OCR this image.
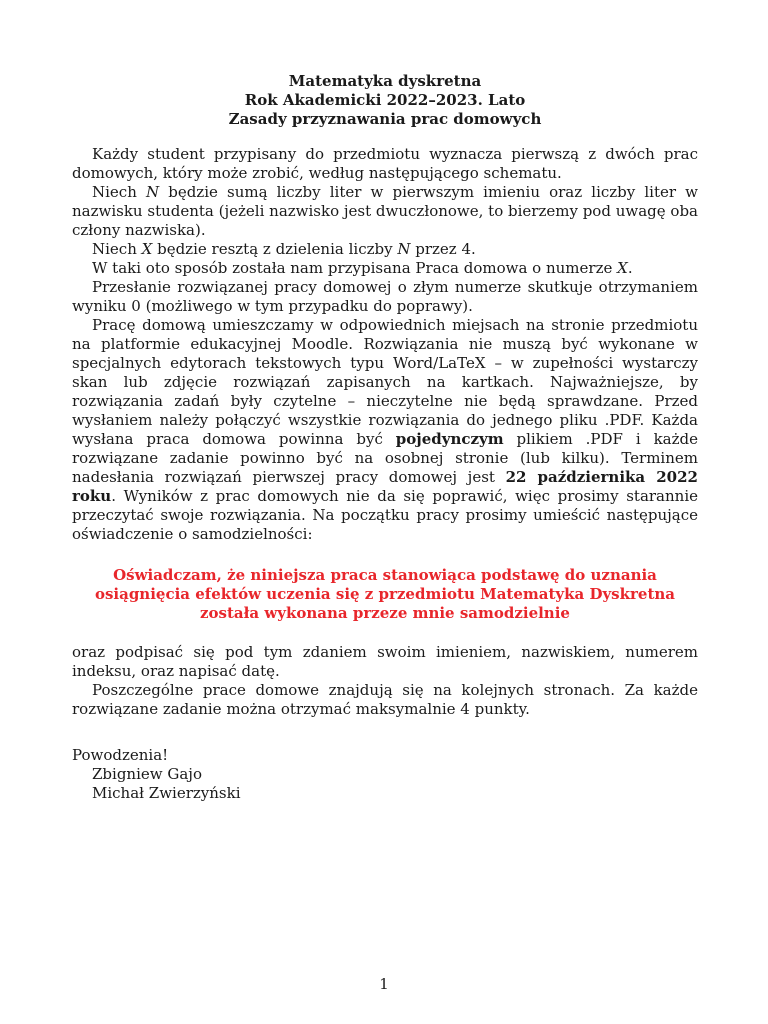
Matematyka dyskretna
Rok Akademicki 2022–2023. Lato
Zasady przyznawania prac domowych

Każdy student przypisany do przedmiotu wyznacza pierwszą z dwóch prac domowych, który może zrobić, według następującego schematu.

Niech N będzie sumą liczby liter w pierwszym imieniu oraz liczby liter w nazwisku studenta (jeżeli nazwisko jest dwuczłonowe, to bierzemy pod uwagę oba człony nazwiska).

Niech X będzie resztą z dzielenia liczby N przez 4.

W taki oto sposób została nam przypisana Praca domowa o numerze X.

Przesłanie rozwiązanej pracy domowej o złym numerze skutkuje otrzymaniem wyniku 0 (możliwego w tym przypadku do poprawy).

Pracę domową umieszczamy w odpowiednich miejsach na stronie przedmiotu na platformie edukacyjnej Moodle. Rozwiązania nie muszą być wykonane w specjalnych edytorach tekstowych typu Word/LaTeX – w zupełności wystarczy skan lub zdjęcie rozwiązań zapisanych na kartkach. Najważniejsze, by rozwiązania zadań były czytelne – nieczytelne nie będą sprawdzane. Przed wysłaniem należy połączyć wszystkie rozwiązania do jednego pliku .PDF. Każda wysłana praca domowa powinna być pojedynczym plikiem .PDF i każde rozwiązane zadanie powinno być na osobnej stronie (lub kilku). Terminem nadesłania rozwiązań pierwszej pracy domowej jest 22 października 2022 roku. Wyników z prac domowych nie da się poprawić, więc prosimy starannie przeczytać swoje rozwiązania. Na początku pracy prosimy umieścić następujące oświadczenie o samodzielności:

Oświadczam, że niniejsza praca stanowiąca podstawę do uznania osiągnięcia efektów uczenia się z przedmiotu Matematyka Dyskretna została wykonana przeze mnie samodzielnie

oraz podpisać się pod tym zdaniem swoim imieniem, nazwiskiem, numerem indeksu, oraz napisać datę.

Poszczególne prace domowe znajdują się na kolejnych stronach. Za każde rozwiązane zadanie można otrzymać maksymalnie 4 punkty.

Powodzenia!
Zbigniew Gajo
Michał Zwierzyński
1
